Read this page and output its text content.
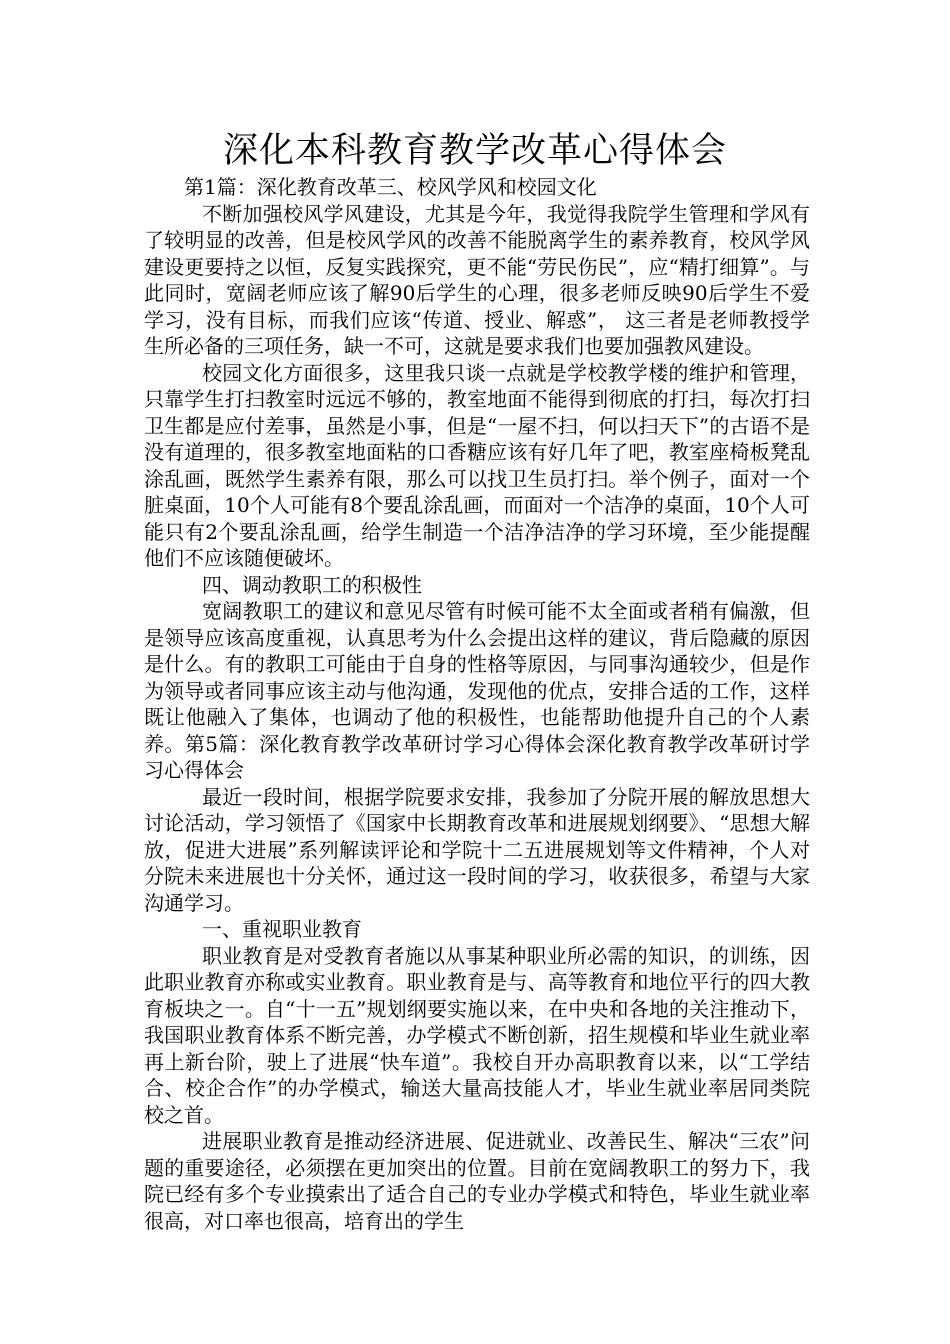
深化本科教育教学改革心得体会

第1篇：深化教育改革三、校风学风和校园文化

不断加强校风学风建设，尤其是今年，我觉得我院学生管理和学风有了较明显的改善，但是校风学风的改善不能脱离学生的素养教育，校风学风建设更要持之以恒，反复实践探究，更不能“劳民伤民”，应“精打细算”。与此同时，宽阔老师应该了解90后学生的心理，很多老师反映90后学生不爱学习，没有目标，而我们应该“传道、授业、解惑”， 这三者是老师教授学生所必备的三项任务，缺一不可，这就是要求我们也要加强教风建设。

校园文化方面很多，这里我只谈一点就是学校教学楼的维护和管理，只靠学生打扫教室时远远不够的，教室地面不能得到彻底的打扫，每次打扫卫生都是应付差事，虽然是小事，但是“一屋不扫，何以扫天下”的古语不是没有道理的，很多教室地面粘的口香糖应该有好几年了吧，教室座椅板凳乱涂乱画，既然学生素养有限，那么可以找卫生员打扫。举个例子，面对一个脏桌面，10个人可能有8个要乱涂乱画，而面对一个洁净的桌面，10个人可能只有2个要乱涂乱画，给学生制造一个洁净洁净的学习环境，至少能提醒他们不应该随便破坏。

四、调动教职工的积极性

宽阔教职工的建议和意见尽管有时候可能不太全面或者稍有偏激，但是领导应该高度重视，认真思考为什么会提出这样的建议，背后隐藏的原因是什么。有的教职工可能由于自身的性格等原因，与同事沟通较少，但是作为领导或者同事应该主动与他沟通，发现他的优点，安排合适的工作，这样既让他融入了集体，也调动了他的积极性，也能帮助他提升自己的个人素养。第5篇：深化教育教学改革研讨学习心得体会深化教育教学改革研讨学习心得体会

最近一段时间，根据学院要求安排，我参加了分院开展的解放思想大讨论活动，学习领悟了《国家中长期教育改革和进展规划纲要》、“思想大解放，促进大进展”系列解读评论和学院十二五进展规划等文件精神，个人对分院未来进展也十分关怀，通过这一段时间的学习，收获很多，希望与大家沟通学习。

一、重视职业教育

职业教育是对受教育者施以从事某种职业所必需的知识，的训练，因此职业教育亦称或实业教育。职业教育是与、高等教育和地位平行的四大教育板块之一。自“十一五”规划纲要实施以来，在中央和各地的关注推动下，我国职业教育体系不断完善，办学模式不断创新，招生规模和毕业生就业率再上新台阶，驶上了进展“快车道”。我校自开办高职教育以来，以“工学结合、校企合作”的办学模式，输送大量高技能人才，毕业生就业率居同类院校之首。

进展职业教育是推动经济进展、促进就业、改善民生、解决“三农”问题的重要途径，必须摆在更加突出的位置。目前在宽阔教职工的努力下，我院已经有多个专业摸索出了适合自己的专业办学模式和特色，毕业生就业率很高，对口率也很高，培育出的学生
